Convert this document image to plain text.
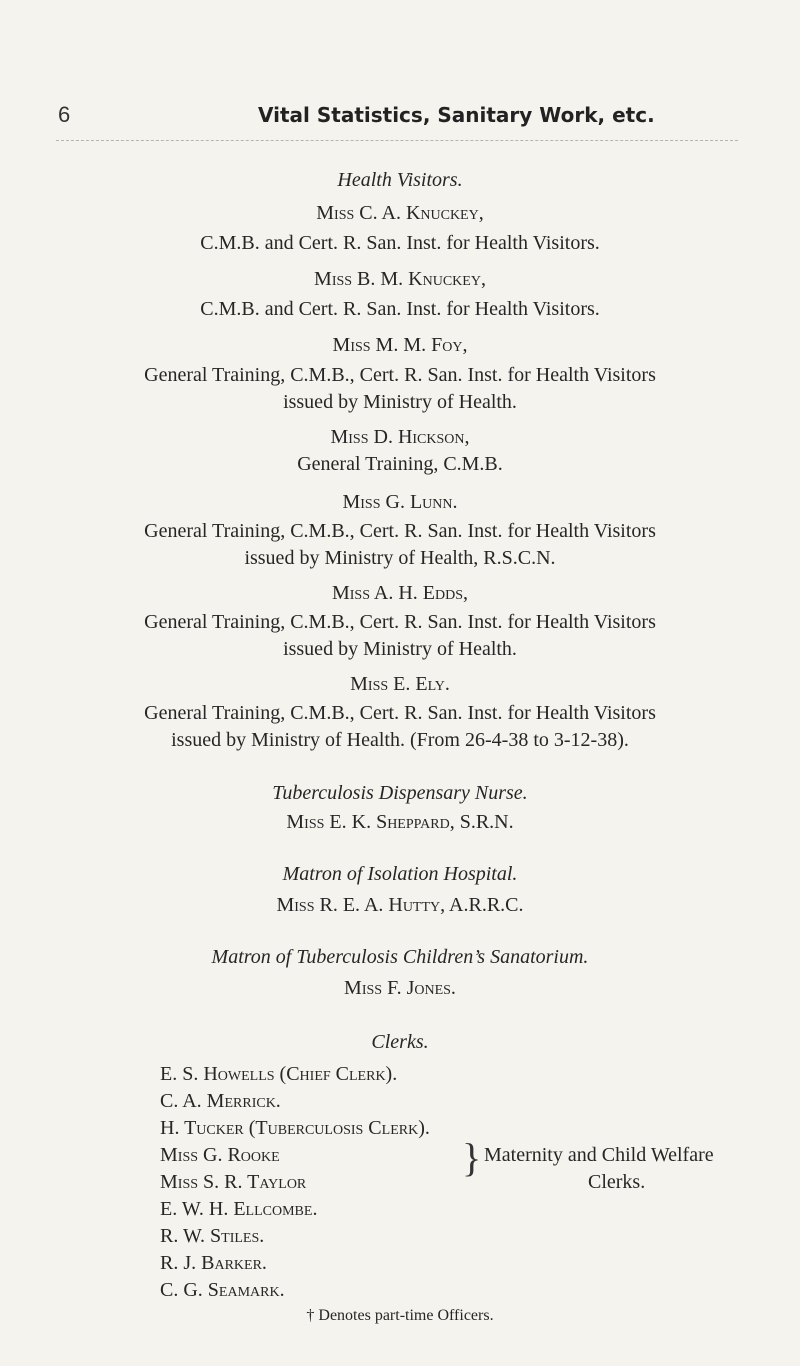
6	Vital Statistics, Sanitary Work, etc.
Health Visitors.
Miss C. A. Knuckey,
C.M.B. and Cert. R. San. Inst. for Health Visitors.
Miss B. M. Knuckey,
C.M.B. and Cert. R. San. Inst. for Health Visitors.
Miss M. M. Foy,
General Training, C.M.B., Cert. R. San. Inst. for Health Visitors
issued by Ministry of Health.
Miss D. Hickson,
General Training, C.M.B.
Miss G. Lunn.
General Training, C.M.B., Cert. R. San. Inst. for Health Visitors
issued by Ministry of Health, R.S.C.N.
Miss A. H. Edds,
General Training, C.M.B., Cert. R. San. Inst. for Health Visitors
issued by Ministry of Health.
Miss E. Ely.
General Training, C.M.B., Cert. R. San. Inst. for Health Visitors
issued by Ministry of Health. (From 26-4-38 to 3-12-38).
Tuberculosis Dispensary Nurse.
Miss E. K. Sheppard, S.R.N.
Matron of Isolation Hospital.
Miss R. E. A. Hutty, A.R.R.C.
Matron of Tuberculosis Children’s Sanatorium.
Miss F. Jones.
Clerks.
E. S. Howells (Chief Clerk).
C. A. Merrick.
H. Tucker (Tuberculosis Clerk).
Miss G. Rooke
Miss S. R. Taylor
E. W. H. Ellcombe.
R. W. Stiles.
R. J. Barker.
C. G. Seamark.
} Maternity and Child Welfare
Clerks.
† Denotes part-time Officers.
